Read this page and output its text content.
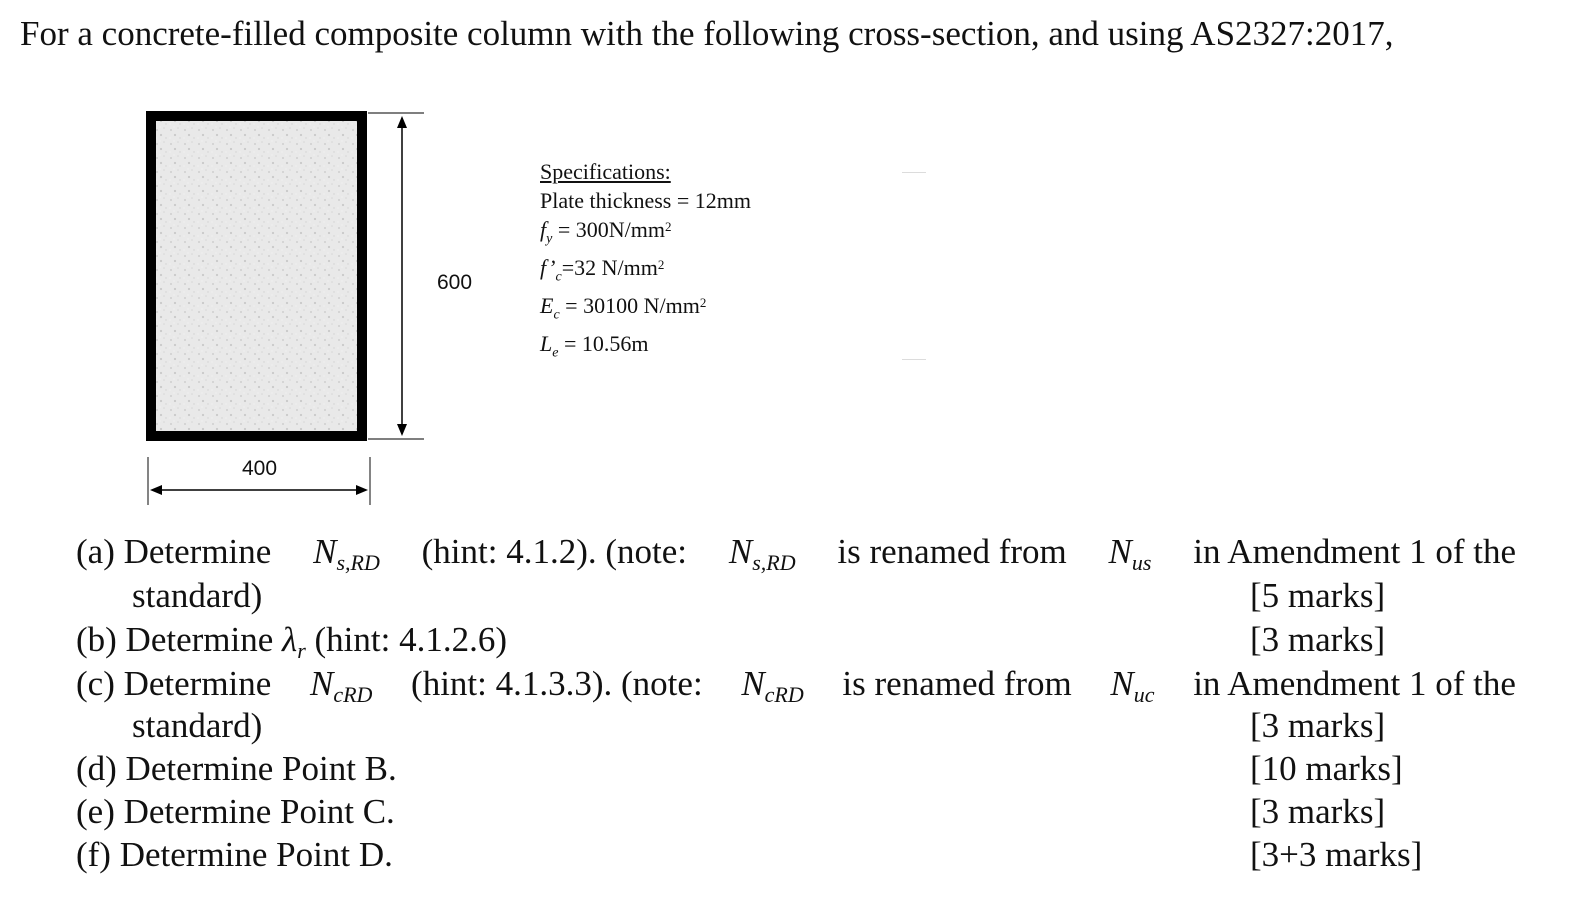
For a concrete-filled composite column with the following cross-section, and using AS2327:2017,
600
400
Specifications:
Plate thickness = 12mm
$f_y = 300N/mm^2$
$f’_c=32$ $N/mm^2$
$E_c = 30100$ $N/mm^2$
$L_e = 10.56m$
(a) Determine $N_{s,RD}$ (hint: 4.1.2). (note: $N_{s,RD}$ is renamed from $N_{us}$ in Amendment 1 of the
standard)	[5 marks]
(b) Determine $\lambda_r$ (hint: 4.1.2.6)	[3 marks]
(c) Determine $N_{cRD}$ (hint: 4.1.3.3). (note: $N_{cRD}$ is renamed from $N_{uc}$ in Amendment 1 of the
standard)	[3 marks]
(d) Determine Point B.	[10 marks]
(e) Determine Point C.	[3 marks]
(f) Determine Point D.	[3+3 marks]
